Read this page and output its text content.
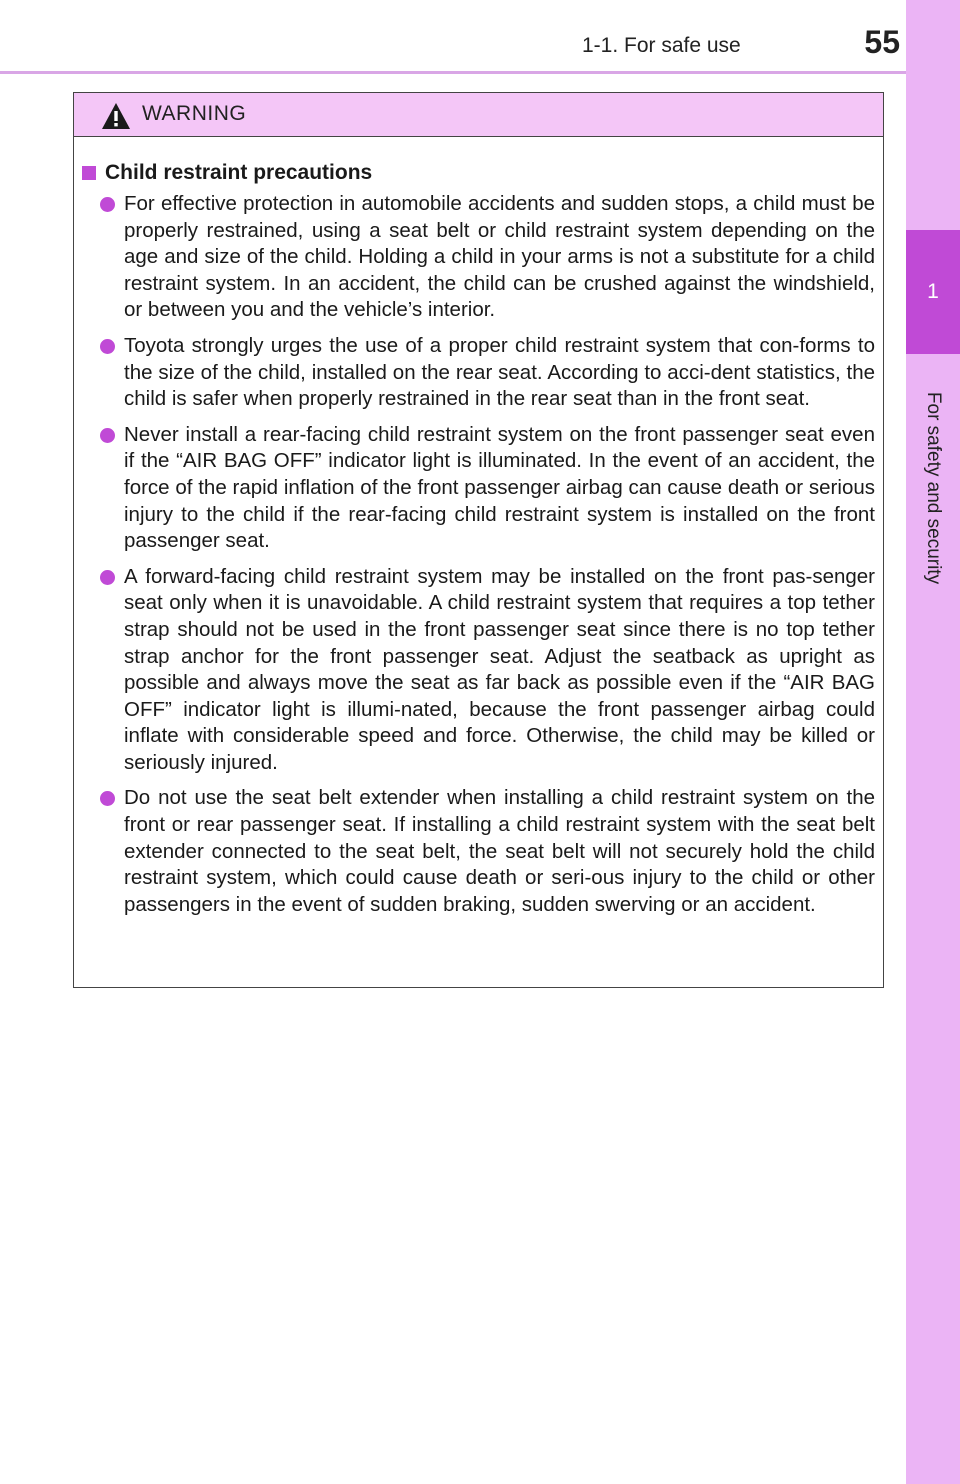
1-1. For safe use	55
1
For safety and security
WARNING
Child restraint precautions
For effective protection in automobile accidents and sudden stops, a child must be properly restrained, using a seat belt or child restraint system depending on the age and size of the child. Holding a child in your arms is not a substitute for a child restraint system. In an accident, the child can be crushed against the windshield, or between you and the vehicle’s interior.
Toyota strongly urges the use of a proper child restraint system that con-forms to the size of the child, installed on the rear seat. According to acci-dent statistics, the child is safer when properly restrained in the rear seat than in the front seat.
Never install a rear-facing child restraint system on the front passenger seat even if the “AIR BAG OFF” indicator light is illuminated. In the event of an accident, the force of the rapid inflation of the front passenger airbag can cause death or serious injury to the child if the rear-facing child restraint system is installed on the front passenger seat.
A forward-facing child restraint system may be installed on the front pas-senger seat only when it is unavoidable. A child restraint system that requires a top tether strap should not be used in the front passenger seat since there is no top tether strap anchor for the front passenger seat. Adjust the seatback as upright as possible and always move the seat as far back as possible even if the “AIR BAG OFF” indicator light is illumi-nated, because the front passenger airbag could inflate with considerable speed and force. Otherwise, the child may be killed or seriously injured.
Do not use the seat belt extender when installing a child restraint system on the front or rear passenger seat. If installing a child restraint system with the seat belt extender connected to the seat belt, the seat belt will not securely hold the child restraint system, which could cause death or seri-ous injury to the child or other passengers in the event of sudden braking, sudden swerving or an accident.
